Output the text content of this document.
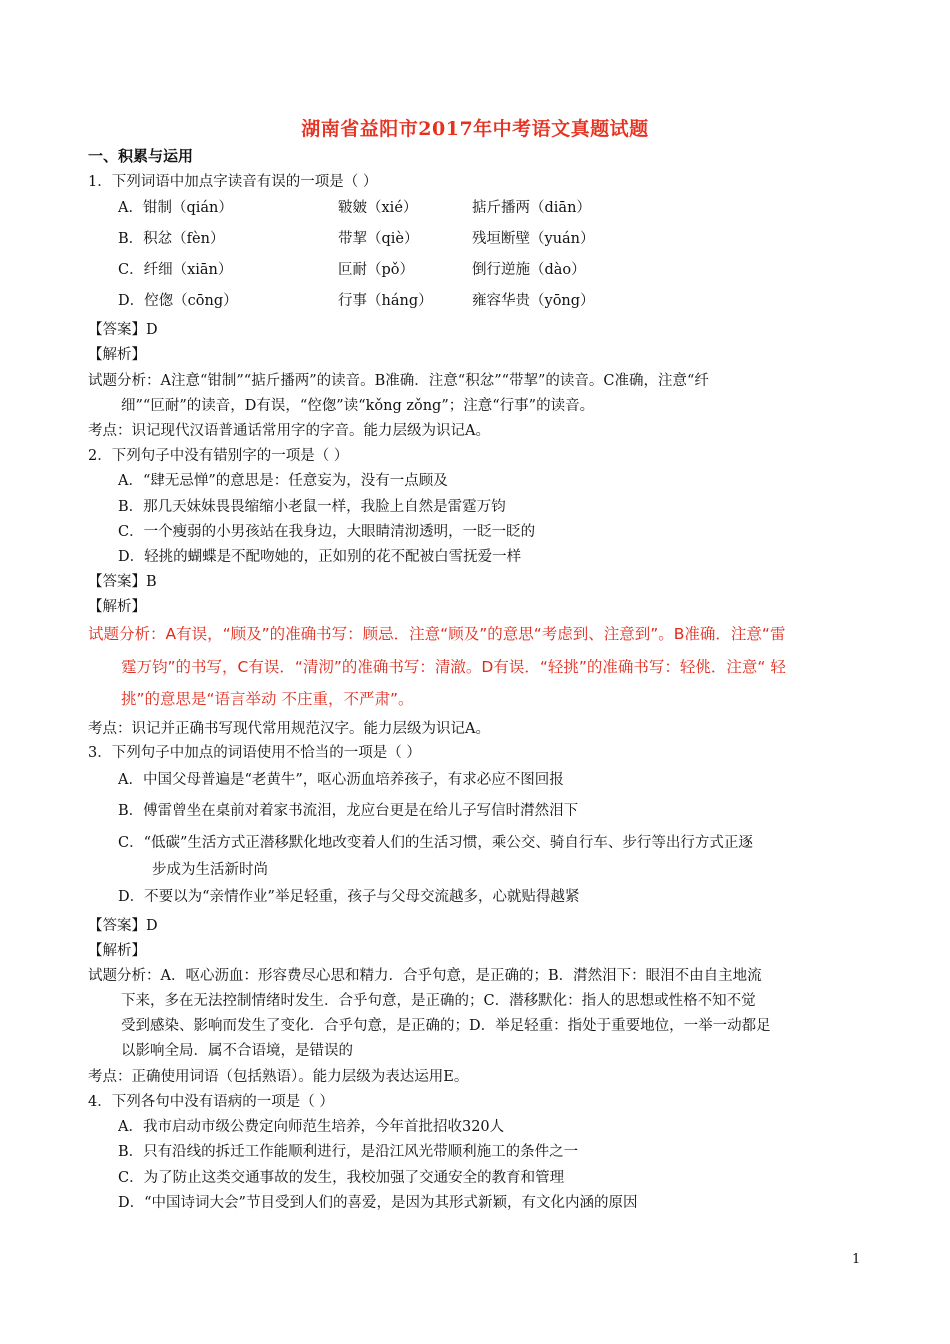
湖南省益阳市2017年中考语文真题试题
一、积累与运用
1．下列词语中加点字读音有误的一项是（ ）
A．钳制（qián）	皲皴（xié）	掂斤播两（diān）
B．积忿（fèn）	带挈（qiè）	残垣断壁（yuán）
C．纤细（xiān）	叵耐（pǒ）	倒行逆施（dào）
D．倥偬（cōng）	行事（háng）	雍容华贵（yōng）
【答案】D
【解析】
试题分析：A注意“钳制”“掂斤播两”的读音。B准确．注意“积忿”“带挈”的读音。C准确，注意“纤
细”“叵耐”的读音，D有误，“倥偬”读“kǒng zǒng”；注意“行事”的读音。
考点：识记现代汉语普通话常用字的字音。能力层级为识记A。
2．下列句子中没有错别字的一项是（ ）
A．“肆无忌惮”的意思是：任意妄为，没有一点顾及
B．那几天妹妹畏畏缩缩小老鼠一样，我脸上自然是雷霆万钧
C．一个瘦弱的小男孩站在我身边，大眼睛清沏透明，一眨一眨的
D．轻挑的蝴蝶是不配吻她的，正如别的花不配被白雪抚爱一样
【答案】B
【解析】
试题分析：A有误，“顾及”的准确书写：顾忌．注意“顾及”的意思“考虑到、注意到”。B准确．注意“雷
霆万钧”的书写，C有误．“清沏”的准确书写：清澈。D有误．“轻挑”的准确书写：轻佻．注意“ 轻
挑”的意思是“语言举动 不庄重，不严肃”。
考点：识记并正确书写现代常用规范汉字。能力层级为识记A。
3．下列句子中加点的词语使用不恰当的一项是（ ）
A．中国父母普遍是“老黄牛”，呕心沥血培养孩子，有求必应不图回报
B．傅雷曾坐在桌前对着家书流泪，龙应台更是在给儿子写信时潸然泪下
C．“低碳”生活方式正潜移默化地改变着人们的生活习惯，乘公交、骑自行车、步行等出行方式正逐
步成为生活新时尚
D．不要以为“亲情作业”举足轻重，孩子与父母交流越多，心就贴得越紧
【答案】D
【解析】
试题分析：A．呕心沥血：形容费尽心思和精力．合乎句意，是正确的；B．潸然泪下：眼泪不由自主地流
下来，多在无法控制情绪时发生．合乎句意，是正确的；C．潜移默化：指人的思想或性格不知不觉
受到感染、影响而发生了变化．合乎句意，是正确的；D．举足轻重：指处于重要地位，一举一动都足
以影响全局．属不合语境，是错误的
考点：正确使用词语（包括熟语）。能力层级为表达运用E。
4．下列各句中没有语病的一项是（ ）
A．我市启动市级公费定向师范生培养，今年首批招收320人
B．只有沿线的拆迁工作能顺利进行，是沿江风光带顺利施工的条件之一
C．为了防止这类交通事故的发生，我校加强了交通安全的教育和管理
D．“中国诗词大会”节目受到人们的喜爱，是因为其形式新颖，有文化内涵的原因
1
